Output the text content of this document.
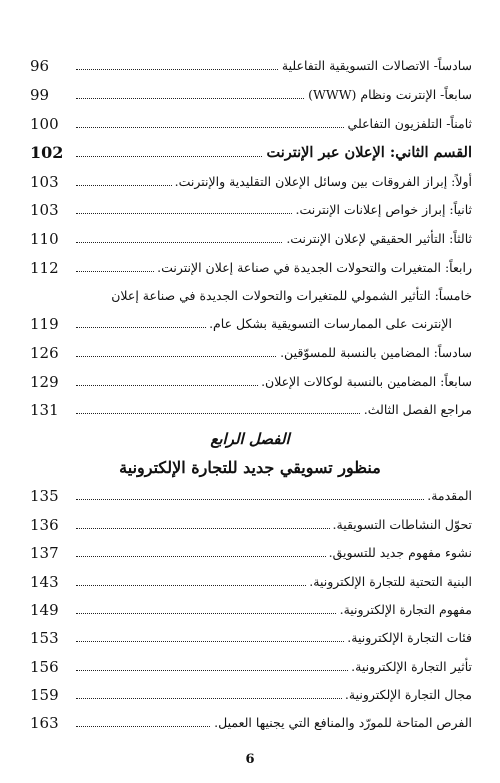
96	سادساً- الاتصالات التسويقية التفاعلية
99	سابعاً- الإنترنت ونظام (WWW)
100	ثامناً- التلفزيون التفاعلي
102	القسم الثاني: الإعلان عبر الإنترنت
103	أولاً: إبراز الفروقات بين وسائل الإعلان التقليدية والإنترنت.
103	ثانياً: إبراز خواص إعلانات الإنترنت.
110	ثالثاً: التأثير الحقيقي لإعلان الإنترنت.
112	رابعاً: المتغيرات والتحولات الجديدة في صناعة إعلان الإنترنت.
خامساً: التأثير الشمولي للمتغيرات والتحولات الجديدة في صناعة إعلان
119	الإنترنت على الممارسات التسويقية بشكل عام.
126	سادساً: المضامين بالنسبة للمسوّقين.
129	سابعاً: المضامين بالنسبة لوكالات الإعلان.
131	مراجع الفصل الثالث.
الفصل الرابع
منظور تسويقي جديد للتجارة الإلكترونية
135	المقدمة.
136	تحوّل النشاطات التسويقية.
137	نشوء مفهوم جديد للتسويق.
143	البنية التحتية للتجارة الإلكترونية.
149	مفهوم التجارة الإلكترونية.
153	فئات التجارة الإلكترونية.
156	تأثير التجارة الإلكترونية.
159	مجال التجارة الإلكترونية.
163	الفرص المتاحة للمورّد والمنافع التي يجنيها العميل.
6
